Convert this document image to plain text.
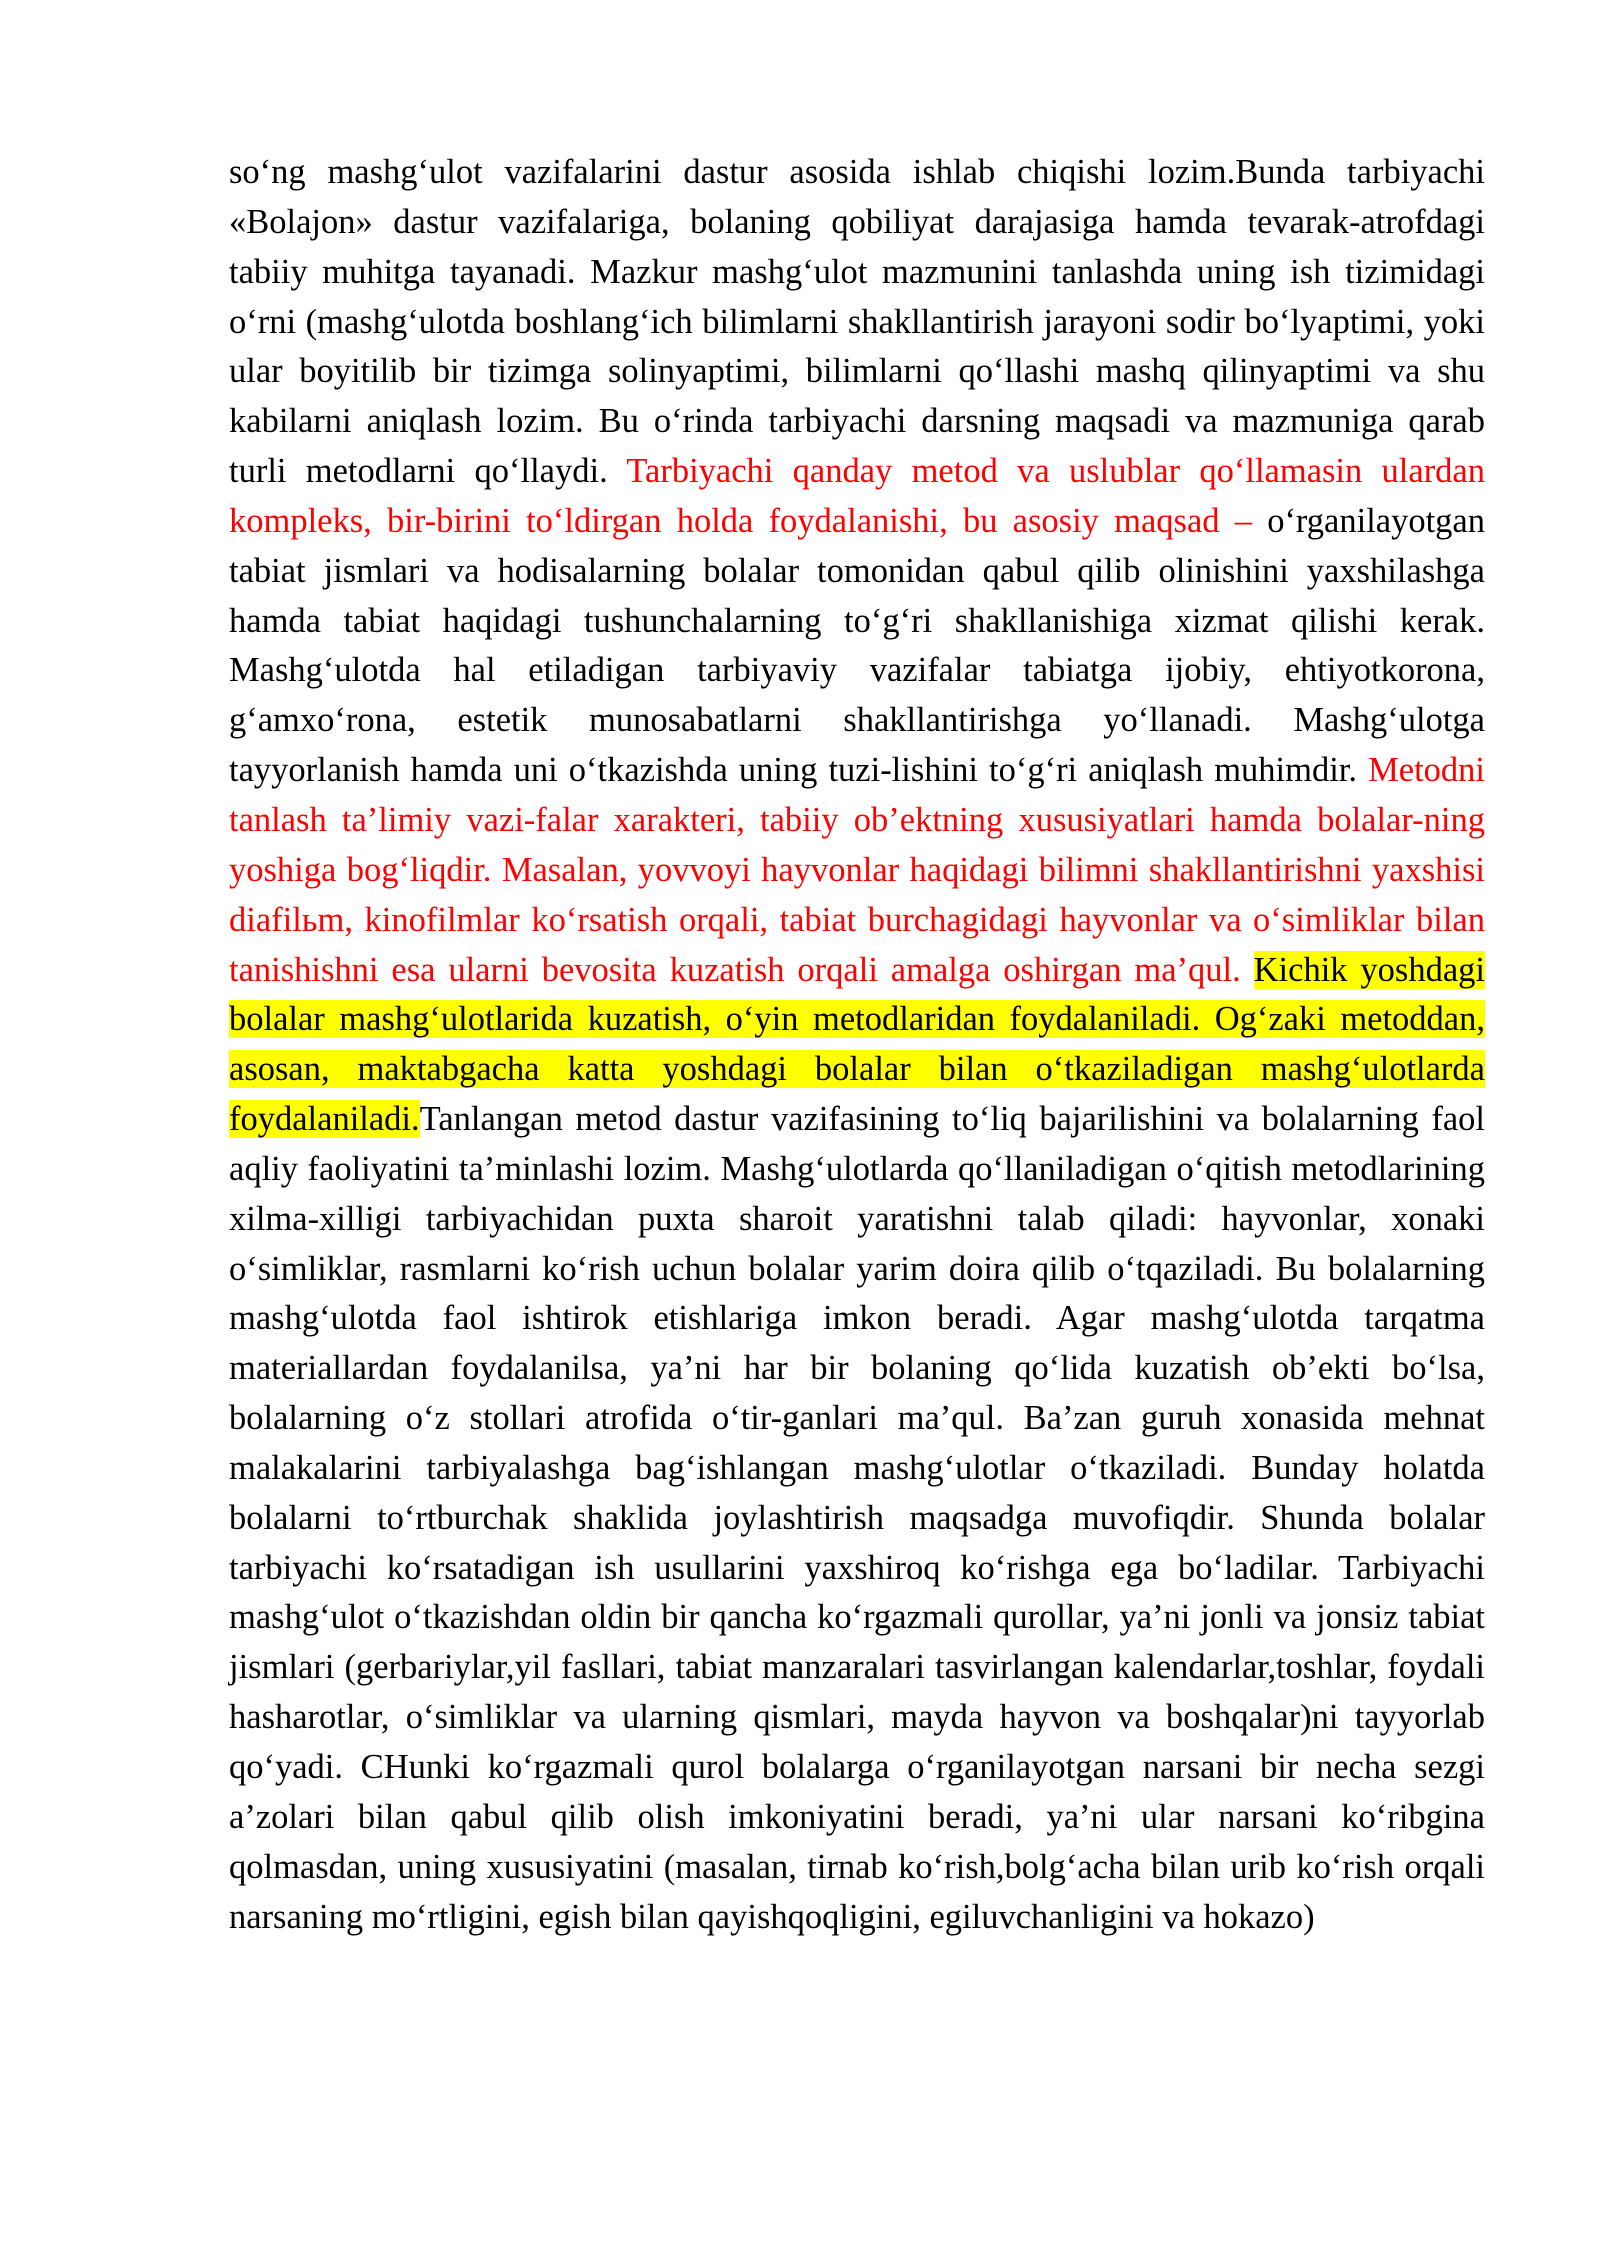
so‘ng mashg‘ulot vazifalarini dastur asosida ishlab chiqishi lozim.Bunda tarbiyachi «Bolajon» dastur vazifalariga, bolaning qobiliyat darajasiga hamda tevarak-atrofdagi tabiiy muhitga tayanadi. Mazkur mashg‘ulot mazmunini tanlashda uning ish tizimidagi o‘rni (mashg‘ulotda boshlang‘ich bilimlarni shakllantirish jarayoni sodir bo‘lyaptimi, yoki ular boyitilib bir tizimga solinyaptimi, bilimlarni qo‘llashi mashq qilinyaptimi va shu kabilarni aniqlash lozim. Bu o‘rinda tarbiyachi darsning maqsadi va mazmuniga qarab turli metodlarni qo‘llaydi. Tarbiyachi qanday metod va uslublar qo‘llamasin ulardan kompleks, bir-birini to‘ldirgan holda foydalanishi, bu asosiy maqsad – o‘rganilayotgan tabiat jismlari va hodisalarning bolalar tomonidan qabul qilib olinishini yaxshilashga hamda tabiat haqidagi tushunchalarning to‘g‘ri shakllanishiga xizmat qilishi kerak. Mashg‘ulotda hal etiladigan tarbiyaviy vazifalar tabiatga ijobiy, ehtiyotkorona, g‘amxo‘rona, estetik munosabatlarni shakllantirishga yo‘llanadi. Mashg‘ulotga tayyorlanish hamda uni o‘tkazishda uning tuzi-lishini to‘g‘ri aniqlash muhimdir. Metodni tanlash ta’limiy vazi-falar xarakteri, tabiiy ob’ektning xususiyatlari hamda bolalar-ning yoshiga bog‘liqdir. Masalan, yovvoyi hayvonlar haqidagi bilimni shakllantirishni yaxshisi diafilьm, kinofilmlar ko‘rsatish orqali, tabiat burchagidagi hayvonlar va o‘simliklar bilan tanishishni esa ularni bevosita kuzatish orqali amalga oshirgan ma’qul. Kichik yoshdagi bolalar mashg‘ulotlarida kuzatish, o‘yin metodlaridan foydalaniladi. Og‘zaki metoddan, asosan, maktabgacha katta yoshdagi bolalar bilan o‘tkaziladigan mashg‘ulotlarda foydalaniladi.Tanlangan metod dastur vazifasining to‘liq bajarilishini va bolalarning faol aqliy faoliyatini ta’minlashi lozim. Mashg‘ulotlarda qo‘llaniladigan o‘qitish metodlarining xilma-xilligi tarbiyachidan puxta sharoit yaratishni talab qiladi: hayvonlar, xonaki o‘simliklar, rasmlarni ko‘rish uchun bolalar yarim doira qilib o‘tqaziladi. Bu bolalarning mashg‘ulotda faol ishtirok etishlariga imkon beradi. Agar mashg‘ulotda tarqatma materiallardan foydalanilsa, ya’ni har bir bolaning qo‘lida kuzatish ob’ekti bo‘lsa, bolalarning o‘z stollari atrofida o‘tir-ganlari ma’qul. Ba’zan guruh xonasida mehnat malakalarini tarbiyalashga bag‘ishlangan mashg‘ulotlar o‘tkaziladi. Bunday holatda bolalarni to‘rtburchak shaklida joylashtirish maqsadga muvofiqdir. Shunda bolalar tarbiyachi ko‘rsatadigan ish usullarini yaxshiroq ko‘rishga ega bo‘ladilar. Tarbiyachi mashg‘ulot o‘tkazishdan oldin bir qancha ko‘rgazmali qurollar, ya’ni jonli va jonsiz tabiat jismlari (gerbariylar,yil fasllari, tabiat manzaralari tasvirlangan kalendarlar,toshlar, foydali hasharotlar, o‘simliklar va ularning qismlari, mayda hayvon va boshqalar)ni tayyorlab qo‘yadi. CHunki ko‘rgazmali qurol bolalarga o‘rganilayotgan narsani bir necha sezgi a’zolari bilan qabul qilib olish imkoniyatini beradi, ya’ni ular narsani ko‘ribgina qolmasdan, uning xususiyatini (masalan, tirnab ko‘rish,bolg‘acha bilan urib ko‘rish orqali narsaning mo‘rtligini, egish bilan qayishqoqligini, egiluvchanligini va hokazo)
